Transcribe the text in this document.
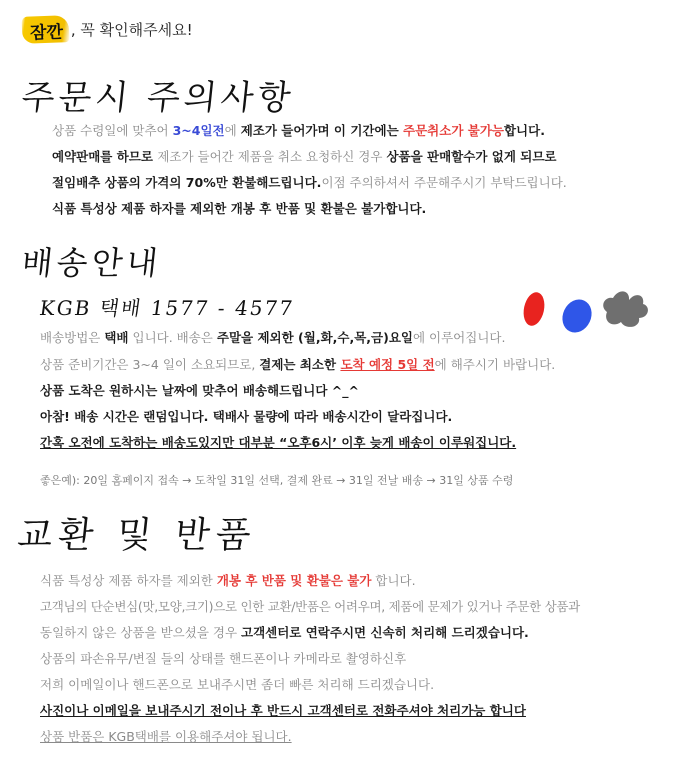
잠깐 , 꼭 확인해주세요!
주문시 주의사항
상품 수령일에 맞추어 3~4일전에 제조가 들어가며 이 기간에는 주문취소가 불가능합니다.
예약판매를 하므로 제조가 들어간 제품을 취소 요청하신 경우 상품을 판매할수가 없게 되므로
절임배추 상품의 가격의 70%만 환불해드립니다.이점 주의하셔서 주문해주시기 부탁드립니다.
식품 특성상 제품 하자를 제외한 개봉 후 반품 및 환불은 불가합니다.
배송안내
KGB 택배 1577 - 4577
배송방법은 택배 입니다. 배송은 주말을 제외한 (월,화,수,목,금)요일에 이루어집니다.
상품 준비기간은 3~4 일이 소요되므로, 결제는 최소한 도착 예정 5일 전에 해주시기 바랍니다.
상품 도착은 원하시는 날짜에 맞추어 배송해드립니다 ^_^
아참! 배송 시간은 랜덤입니다. 택배사 물량에 따라 배송시간이 달라집니다.
간혹 오전에 도착하는 배송도있지만 대부분 “오후6시’ 이후 늦게 배송이 이루워집니다.
좋은예): 20일 홈페이지 접속 → 도착일 31일 선택, 결제 완료 → 31일 전날 배송 → 31일 상품 수령
교환 및 반품
식품 특성상 제품 하자를 제외한 개봉 후 반품 및 환불은 불가 합니다.
고객님의 단순변심(맛,모양,크기)으로 인한 교환/반품은 어려우며, 제품에 문제가 있거나 주문한 상품과
동일하지 않은 상품을 받으셨을 경우 고객센터로 연락주시면 신속히 처리해 드리겠습니다.
상품의 파손유무/변질 들의 상태를 핸드폰이나 카메라로 촬영하신후
저희 이메일이나 핸드폰으로 보내주시면 좀더 빠른 처리해 드리겠습니다.
사진이나 이메일을 보내주시기 전이나 후 반드시 고객센터로 전화주셔야 처리가능 합니다
상품 반품은 KGB택배를 이용해주셔야 됩니다.
